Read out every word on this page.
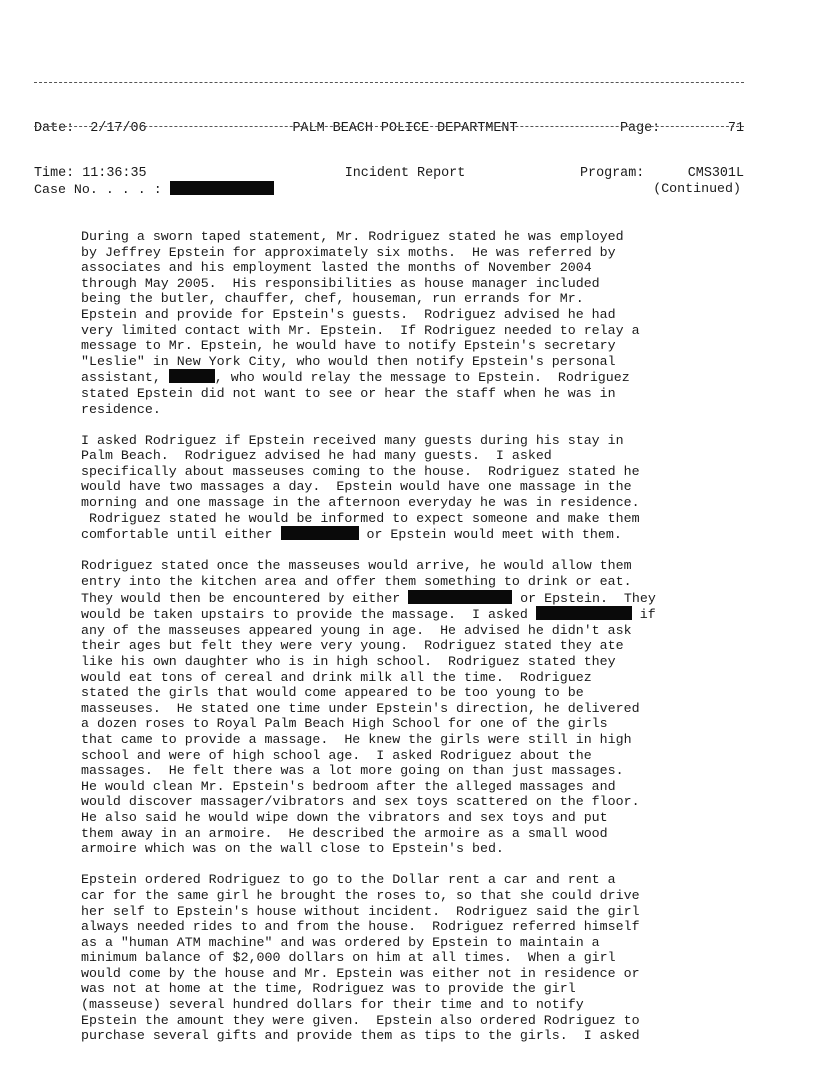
Date: 2/17/06

Time: 11:36:35

PALM BEACH POLICE DEPARTMENT

Incident Report

Page:	71

Program:	CMS301L

Case No. . . . :	(Continued)

During a sworn taped statement, Mr. Rodriguez stated he was employed
by Jeffrey Epstein for approximately six moths.  He was referred by
associates and his employment lasted the months of November 2004
through May 2005.  His responsibilities as house manager included
being the butler, chauffer, chef, houseman, run errands for Mr.
Epstein and provide for Epstein's guests.  Rodriguez advised he had
very limited contact with Mr. Epstein.  If Rodriguez needed to relay a
message to Mr. Epstein, he would have to notify Epstein's secretary
"Leslie" in New York City, who would then notify Epstein's personal
assistant,	, who would relay the message to Epstein.  Rodriguez
stated Epstein did not want to see or hear the staff when he was in
residence.
I asked Rodriguez if Epstein received many guests during his stay in
Palm Beach.  Rodriguez advised he had many guests.  I asked
specifically about masseuses coming to the house.  Rodriguez stated he
would have two massages a day.  Epstein would have one massage in the
morning and one massage in the afternoon everyday he was in residence.
Rodriguez stated he would be informed to expect someone and make them
comfortable until either	or Epstein would meet with them.
Rodriguez stated once the masseuses would arrive, he would allow them
entry into the kitchen area and offer them something to drink or eat.
They would then be encountered by either	or Epstein.  They
would be taken upstairs to provide the massage.  I asked	if
any of the masseuses appeared young in age.  He advised he didn't ask
their ages but felt they were very young.  Rodriguez stated they ate
like his own daughter who is in high school.  Rodriguez stated they
would eat tons of cereal and drink milk all the time.  Rodriguez
stated the girls that would come appeared to be too young to be
masseuses.  He stated one time under Epstein's direction, he delivered
a dozen roses to Royal Palm Beach High School for one of the girls
that came to provide a massage.  He knew the girls were still in high
school and were of high school age.  I asked Rodriguez about the
massages.  He felt there was a lot more going on than just massages.
He would clean Mr. Epstein's bedroom after the alleged massages and
would discover massager/vibrators and sex toys scattered on the floor.
He also said he would wipe down the vibrators and sex toys and put
them away in an armoire.  He described the armoire as a small wood
armoire which was on the wall close to Epstein's bed.
Epstein ordered Rodriguez to go to the Dollar rent a car and rent a
car for the same girl he brought the roses to, so that she could drive
her self to Epstein's house without incident.  Rodriguez said the girl
always needed rides to and from the house.  Rodriguez referred himself
as a "human ATM machine" and was ordered by Epstein to maintain a
minimum balance of $2,000 dollars on him at all times.  When a girl
would come by the house and Mr. Epstein was either not in residence or
was not at home at the time, Rodriguez was to provide the girl
(masseuse) several hundred dollars for their time and to notify
Epstein the amount they were given.  Epstein also ordered Rodriguez to
purchase several gifts and provide them as tips to the girls.  I asked
